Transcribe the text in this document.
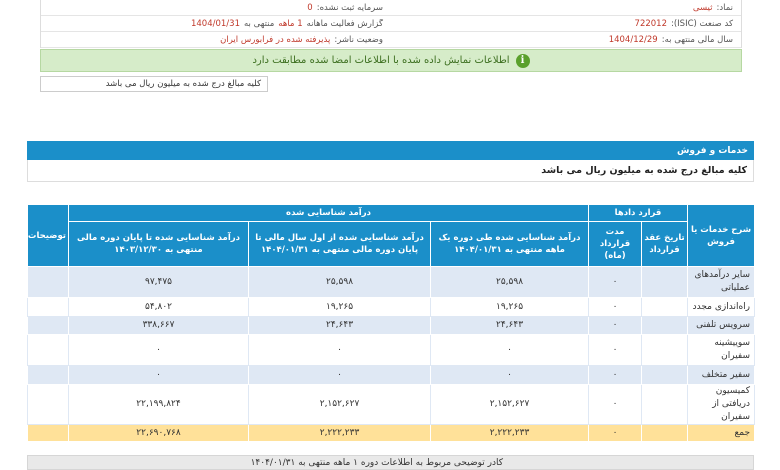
نماد:
ثیسی
سرمایه ثبت نشده:
0
کد صنعت (ISIC):
722012
گزارش فعالیت ماهانه
1 ماهه
منتهی به
1404/01/31
سال مالی منتهی به:
1404/12/29
وضعیت ناشر:
پذیرفته شده در فرابورس ایران
i
اطلاعات نمایش داده شده با اطلاعات امضا شده مطابقت دارد
کلیه مبالغ درج شده به میلیون ریال می باشد
خدمات و فروش
کلیه مبالغ درج شده به میلیون ریال می باشد
شرح خدمات یا فروش	قرارد دادها		درآمد شناسایی شده			توضیحات
	تاریخ عقد قرارداد	مدت قرارداد (ماه)	درآمد شناسایی شده طی دوره یک ماهه منتهی به ۱۴۰۴/۰۱/۳۱	درآمد شناسایی شده از اول سال مالی تا پایان دوره مالی منتهی به ۱۴۰۴/۰۱/۳۱	درآمد شناسایی شده تا پایان دوره مالی منتهی به ۱۴۰۳/۱۲/۳۰	
سایر درآمدهای عملیاتی		۰	۲۵,۵۹۸	۲۵,۵۹۸	۹۷,۴۷۵	
راه‌اندازی مجدد		۰	۱۹,۲۶۵	۱۹,۲۶۵	۵۴,۸۰۲	
سرویس تلفنی		۰	۲۴,۶۴۳	۲۴,۶۴۳	۳۳۸,۶۶۷	
سوییشینه سفیران		۰	۰	۰	۰	
سفیر متخلف		۰	۰	۰	۰	
کمیسیون دریافتی از سفیران		۰	۲,۱۵۲,۶۲۷	۲,۱۵۲,۶۲۷	۲۲,۱۹۹,۸۲۴	
جمع		۰	۲,۲۲۲,۲۳۳	۲,۲۲۲,۲۳۳	۲۲,۶۹۰,۷۶۸	
کادر توضیحی مربوط به اطلاعات دوره ۱ ماهه منتهی به ۱۴۰۴/۰۱/۳۱
